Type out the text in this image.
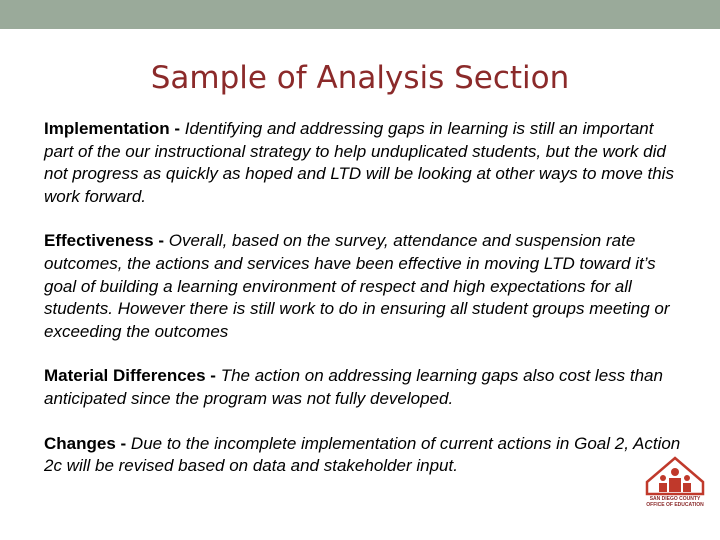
Sample of Analysis Section

Implementation - Identifying and addressing gaps in learning is still an important part of the our instructional strategy to help unduplicated students, but the work did not progress as quickly as hoped and LTD will be looking at other ways to move this work forward.

Effectiveness - Overall, based on the survey, attendance and suspension rate outcomes, the actions and services have been effective in moving LTD toward it’s goal of building a learning environment of respect and high expectations for all students. However there is still work to do in ensuring all student groups meeting or exceeding the outcomes

Material Differences - The action on addressing learning gaps also cost less than anticipated since the program was not fully developed.

Changes - Due to the incomplete implementation of current actions in Goal 2, Action 2c will be revised based on data and stakeholder input.

SAN DIEGO COUNTY
OFFICE OF EDUCATION
